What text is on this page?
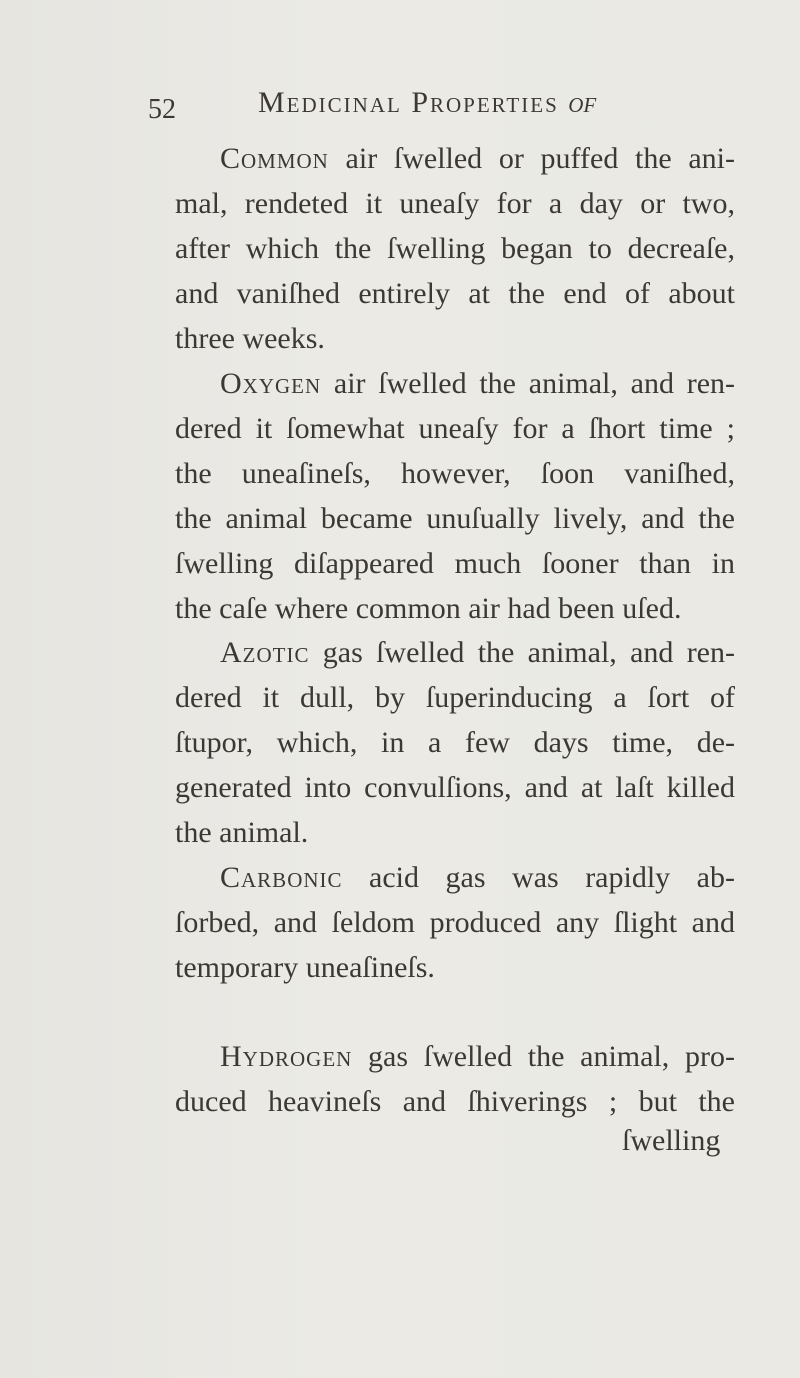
52	Medicinal Properties of
Common air ſwelled or puffed the ani-
mal, rendeted it uneaſy for a day or two,
after which the ſwelling began to decreaſe,
and vaniſhed entirely at the end of about
three weeks.
Oxygen air ſwelled the animal, and ren-
dered it ſomewhat uneaſy for a ſhort time ;
the uneaſineſs, however, ſoon vaniſhed,
the animal became unuſually lively, and the
ſwelling diſappeared much ſooner than in
the caſe where common air had been uſed.
Azotic gas ſwelled the animal, and ren-
dered it dull, by ſuperinducing a ſort of
ſtupor, which, in a few days time, de-
generated into convulſions, and at laſt killed
the animal.
Carbonic acid gas was rapidly ab-
ſorbed, and ſeldom produced any ſlight and
temporary uneaſineſs.
Hydrogen gas ſwelled the animal, pro-
duced heavineſs and ſhiverings ; but the
ſwelling
